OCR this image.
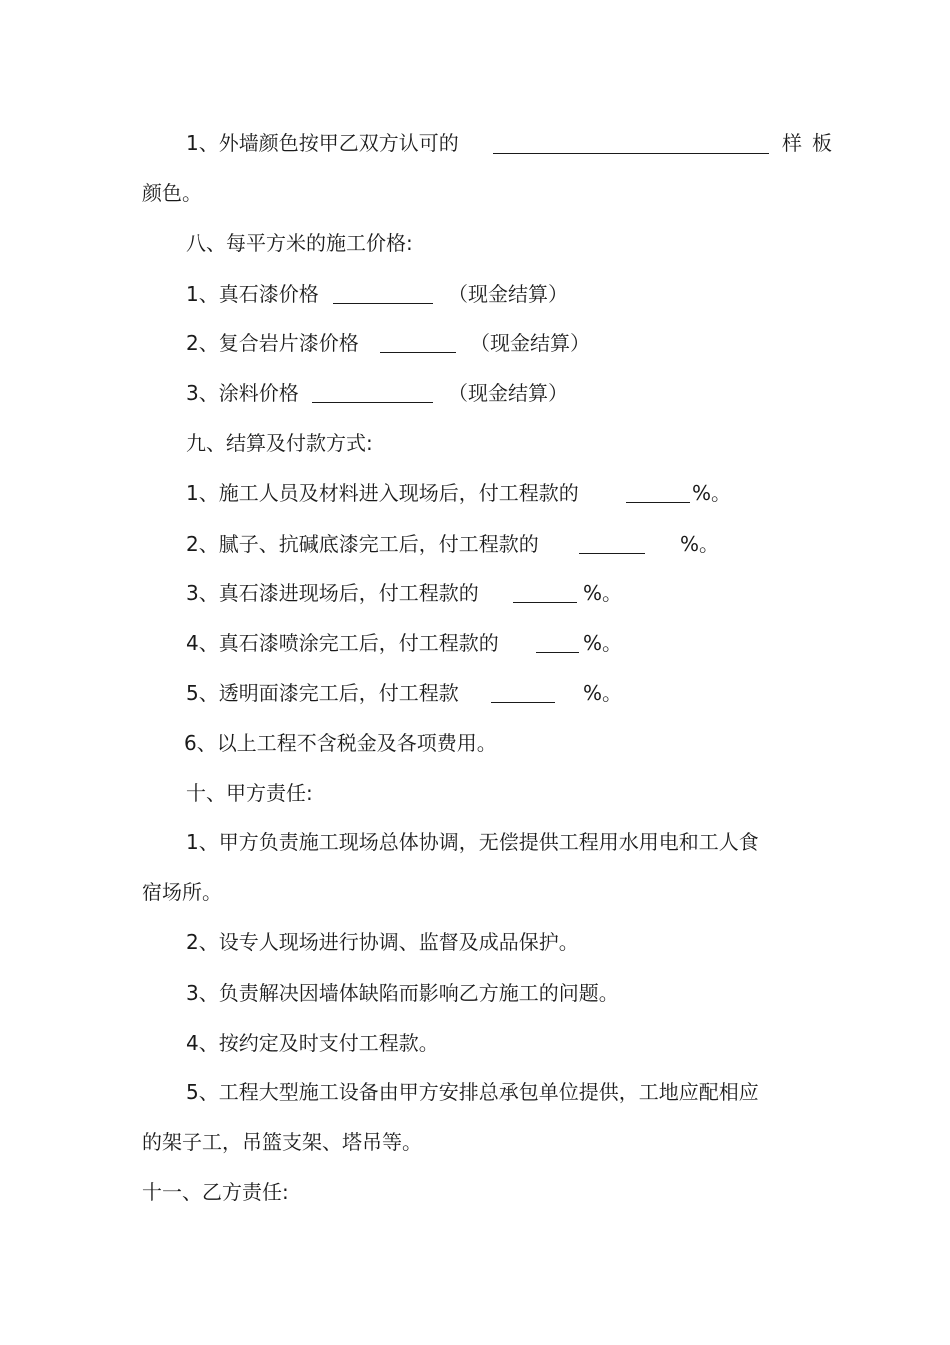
1、外墙颜色按甲乙双方认可的	样 板
颜色。
八、每平方米的施工价格:
1、真石漆价格	（现金结算）
2、复合岩片漆价格	（现金结算）
3、涂料价格	（现金结算）
九、结算及付款方式:
1、施工人员及材料进入现场后，付工程款的	%。
2、腻子、抗碱底漆完工后，付工程款的	%。
3、真石漆进现场后，付工程款的	%。
4、真石漆喷涂完工后，付工程款的	%。
5、透明面漆完工后，付工程款	%。
6、以上工程不含税金及各项费用。
十、甲方责任:
1、甲方负责施工现场总体协调，无偿提供工程用水用电和工人食
宿场所。
2、设专人现场进行协调、监督及成品保护。
3、负责解决因墙体缺陷而影响乙方施工的问题。
4、按约定及时支付工程款。
5、工程大型施工设备由甲方安排总承包单位提供，工地应配相应
的架子工，吊篮支架、塔吊等。
十一、乙方责任:
